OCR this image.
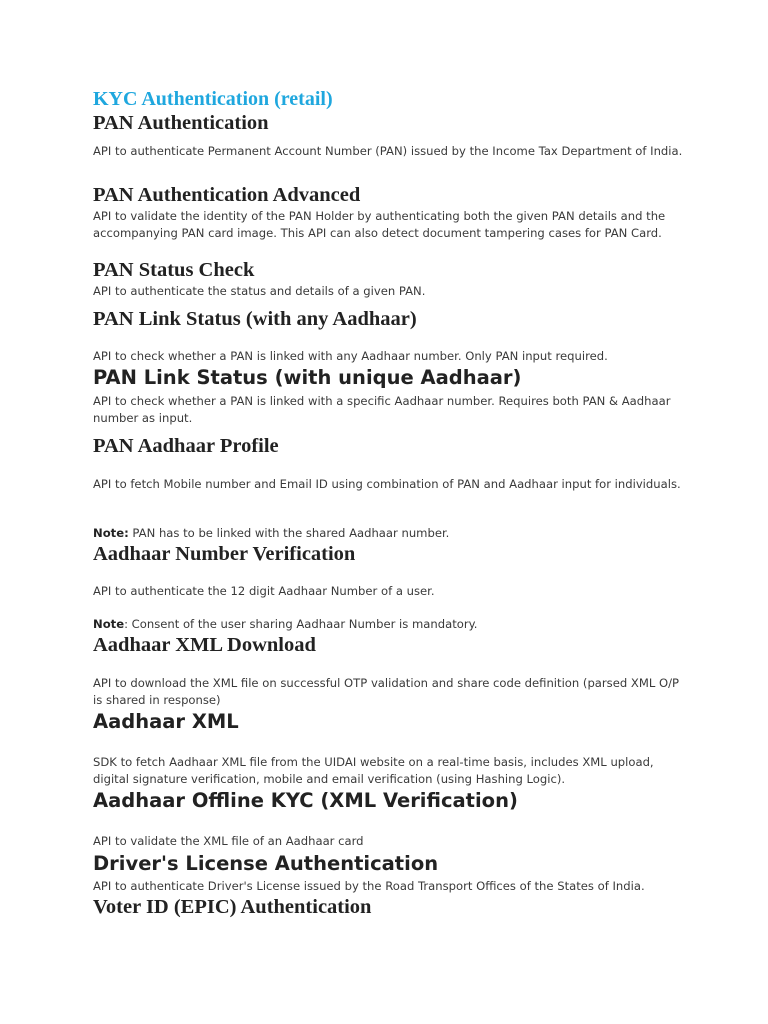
KYC Authentication (retail)
PAN Authentication

API to authenticate Permanent Account Number (PAN) issued by the Income Tax Department of India.

PAN Authentication Advanced

API to validate the identity of the PAN Holder by authenticating both the given PAN details and the accompanying PAN card image. This API can also detect document tampering cases for PAN Card.

PAN Status Check

API to authenticate the status and details of a given PAN.

PAN Link Status (with any Aadhaar)

API to check whether a PAN is linked with any Aadhaar number. Only PAN input required.

PAN Link Status (with unique Aadhaar)

API to check whether a PAN is linked with a specific Aadhaar number. Requires both PAN & Aadhaar number as input.

PAN Aadhaar Profile

API to fetch Mobile number and Email ID using combination of PAN and Aadhaar input for individuals.

Note: PAN has to be linked with the shared Aadhaar number.

Aadhaar Number Verification

API to authenticate the 12 digit Aadhaar Number of a user.

Note: Consent of the user sharing Aadhaar Number is mandatory.

Aadhaar XML Download

API to download the XML file on successful OTP validation and share code definition (parsed XML O/P is shared in response)

Aadhaar XML

SDK to fetch Aadhaar XML file from the UIDAI website on a real-time basis, includes XML upload, digital signature verification, mobile and email verification (using Hashing Logic).

Aadhaar Offline KYC (XML Verification)

API to validate the XML file of an Aadhaar card

Driver's License Authentication

API to authenticate Driver's License issued by the Road Transport Offices of the States of India.

Voter ID (EPIC) Authentication
